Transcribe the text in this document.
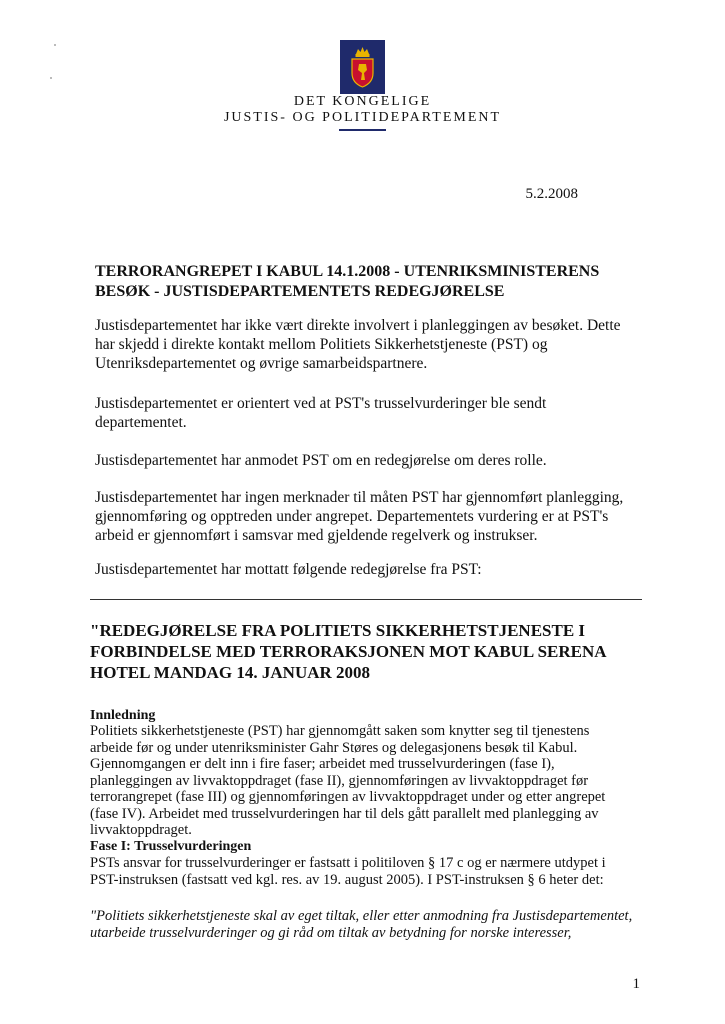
DET KONGELIGE
JUSTIS- OG POLITIDEPARTEMENT
5.2.2008
TERRORANGREPET I KABUL 14.1.2008 - UTENRIKSMINISTERENS
BESØK - JUSTISDEPARTEMENTETS REDEGJØRELSE
Justisdepartementet har ikke vært direkte involvert i planleggingen av besøket. Dette har skjedd i direkte kontakt mellom Politiets Sikkerhetstjeneste (PST) og Utenriksdepartementet og øvrige samarbeidspartnere.
Justisdepartementet er orientert ved at PST's trusselvurderinger ble sendt departementet.
Justisdepartementet har anmodet PST om en redegjørelse om deres rolle.
Justisdepartementet har ingen merknader til måten PST har gjennomført planlegging, gjennomføring og opptreden under angrepet. Departementets vurdering er at PST's arbeid er gjennomført i samsvar med gjeldende regelverk og instrukser.
Justisdepartementet har mottatt følgende redegjørelse fra PST:
"REDEGJØRELSE FRA POLITIETS SIKKERHETSTJENESTE I FORBINDELSE MED TERRORAKSJONEN MOT KABUL SERENA HOTEL MANDAG 14. JANUAR 2008
Innledning
Politiets sikkerhetstjeneste (PST) har gjennomgått saken som knytter seg til tjenestens arbeide før og under utenriksminister Gahr Støres og delegasjonens besøk til Kabul. Gjennomgangen er delt inn i fire faser; arbeidet med trusselvurderingen (fase I), planleggingen av livvaktoppdraget (fase II), gjennomføringen av livvaktoppdraget før terrorangrepet (fase III) og gjennomføringen av livvaktoppdraget under og etter angrepet (fase IV). Arbeidet med trusselvurderingen har til dels gått parallelt med planlegging av livvaktoppdraget.
Fase I: Trusselvurderingen
PSTs ansvar for trusselvurderinger er fastsatt i politiloven § 17 c og er nærmere utdypet i PST-instruksen (fastsatt ved kgl. res. av 19. august 2005). I PST-instruksen § 6 heter det:
"Politiets sikkerhetstjeneste skal av eget tiltak, eller etter anmodning fra Justisdepartementet, utarbeide trusselvurderinger og gi råd om tiltak av betydning for norske interesser,
1
